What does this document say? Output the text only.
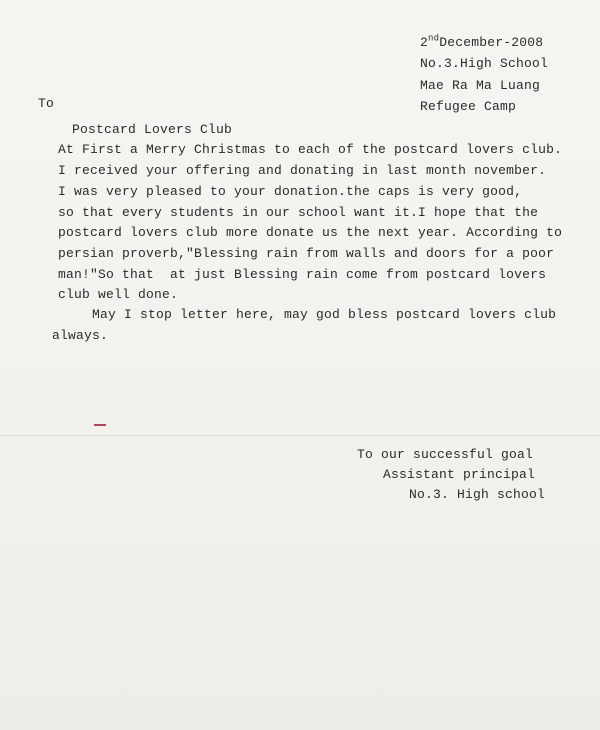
2ndDecember-2008
No.3.High School
Mae Ra Ma Luang
Refugee Camp
To
Postcard Lovers Club
At First a Merry Christmas to each of the postcard lovers club.
I received your offering and donating in last month november.
I was very pleased to your donation.the caps is very good,
so that every students in our school want it.I hope that the
postcard lovers club more donate us the next year. According to
persian proverb,"Blessing rain from walls and doors for a poor
man!"So that  at just Blessing rain come from postcard lovers
club well done.
May I stop letter here, may god bless postcard lovers club
always.
To our successful goal
Assistant principal
No.3. High school
